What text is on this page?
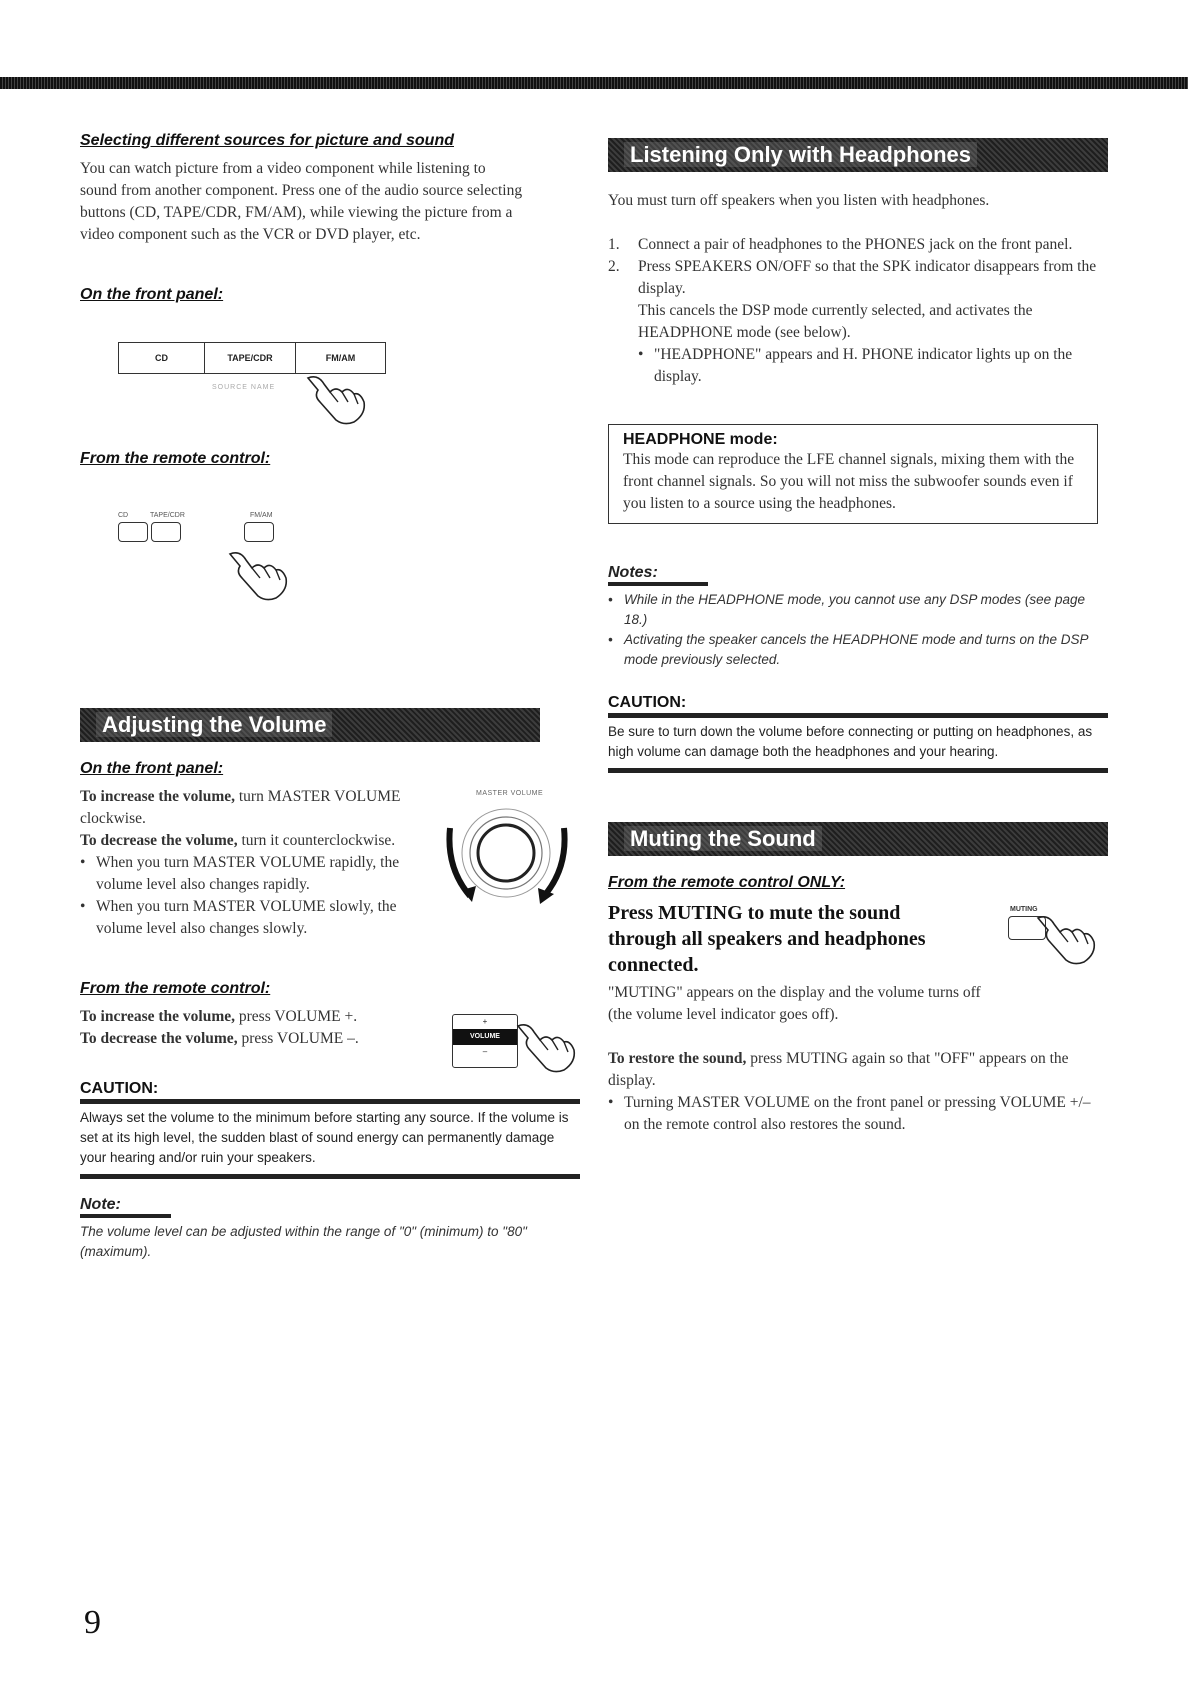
Selecting different sources for picture and sound

You can watch picture from a video component while listening to sound from another component. Press one of the audio source selecting buttons (CD, TAPE/CDR, FM/AM), while viewing the picture from a video component such as the VCR or DVD player, etc.

On the front panel:
CD	TAPE/CDR	FM/AM
SOURCE NAME
From the remote control:
CD	TAPE/CDR	FM/AM
Adjusting the Volume
On the front panel:

To increase the volume, turn MASTER VOLUME clockwise.

To decrease the volume, turn it counterclockwise.

• When you turn MASTER VOLUME rapidly, the volume level also changes rapidly.
• When you turn MASTER VOLUME slowly, the volume level also changes slowly.
MASTER VOLUME
From the remote control:

To increase the volume, press VOLUME +.

To decrease the volume, press VOLUME –.

+
VOLUME
–
CAUTION:

Always set the volume to the minimum before starting any source. If the volume is set at its high level, the sudden blast of sound energy can permanently damage your hearing and/or ruin your speakers.

Note:

The volume level can be adjusted within the range of "0" (minimum) to "80" (maximum).

Listening Only with Headphones

You must turn off speakers when you listen with headphones.

1. Connect a pair of headphones to the PHONES jack on the front panel.
2. Press SPEAKERS ON/OFF so that the SPK indicator disappears from the display.

This cancels the DSP mode currently selected, and activates the HEADPHONE mode (see below).

• "HEADPHONE" appears and H. PHONE indicator lights up on the display.

HEADPHONE mode:

This mode can reproduce the LFE channel signals, mixing them with the front channel signals. So you will not miss the subwoofer sounds even if you listen to a source using the headphones.

Notes:
• While in the HEADPHONE mode, you cannot use any DSP modes (see page 18.)
• Activating the speaker cancels the HEADPHONE mode and turns on the DSP mode previously selected.
CAUTION:

Be sure to turn down the volume before connecting or putting on headphones, as high volume can damage both the headphones and your hearing.

Muting the Sound
From the remote control ONLY:

Press MUTING to mute the sound through all speakers and headphones connected.

MUTING

"MUTING" appears on the display and the volume turns off (the volume level indicator goes off).

To restore the sound, press MUTING again so that "OFF" appears on the display.

• Turning MASTER VOLUME on the front panel or pressing VOLUME +/– on the remote control also restores the sound.

9
